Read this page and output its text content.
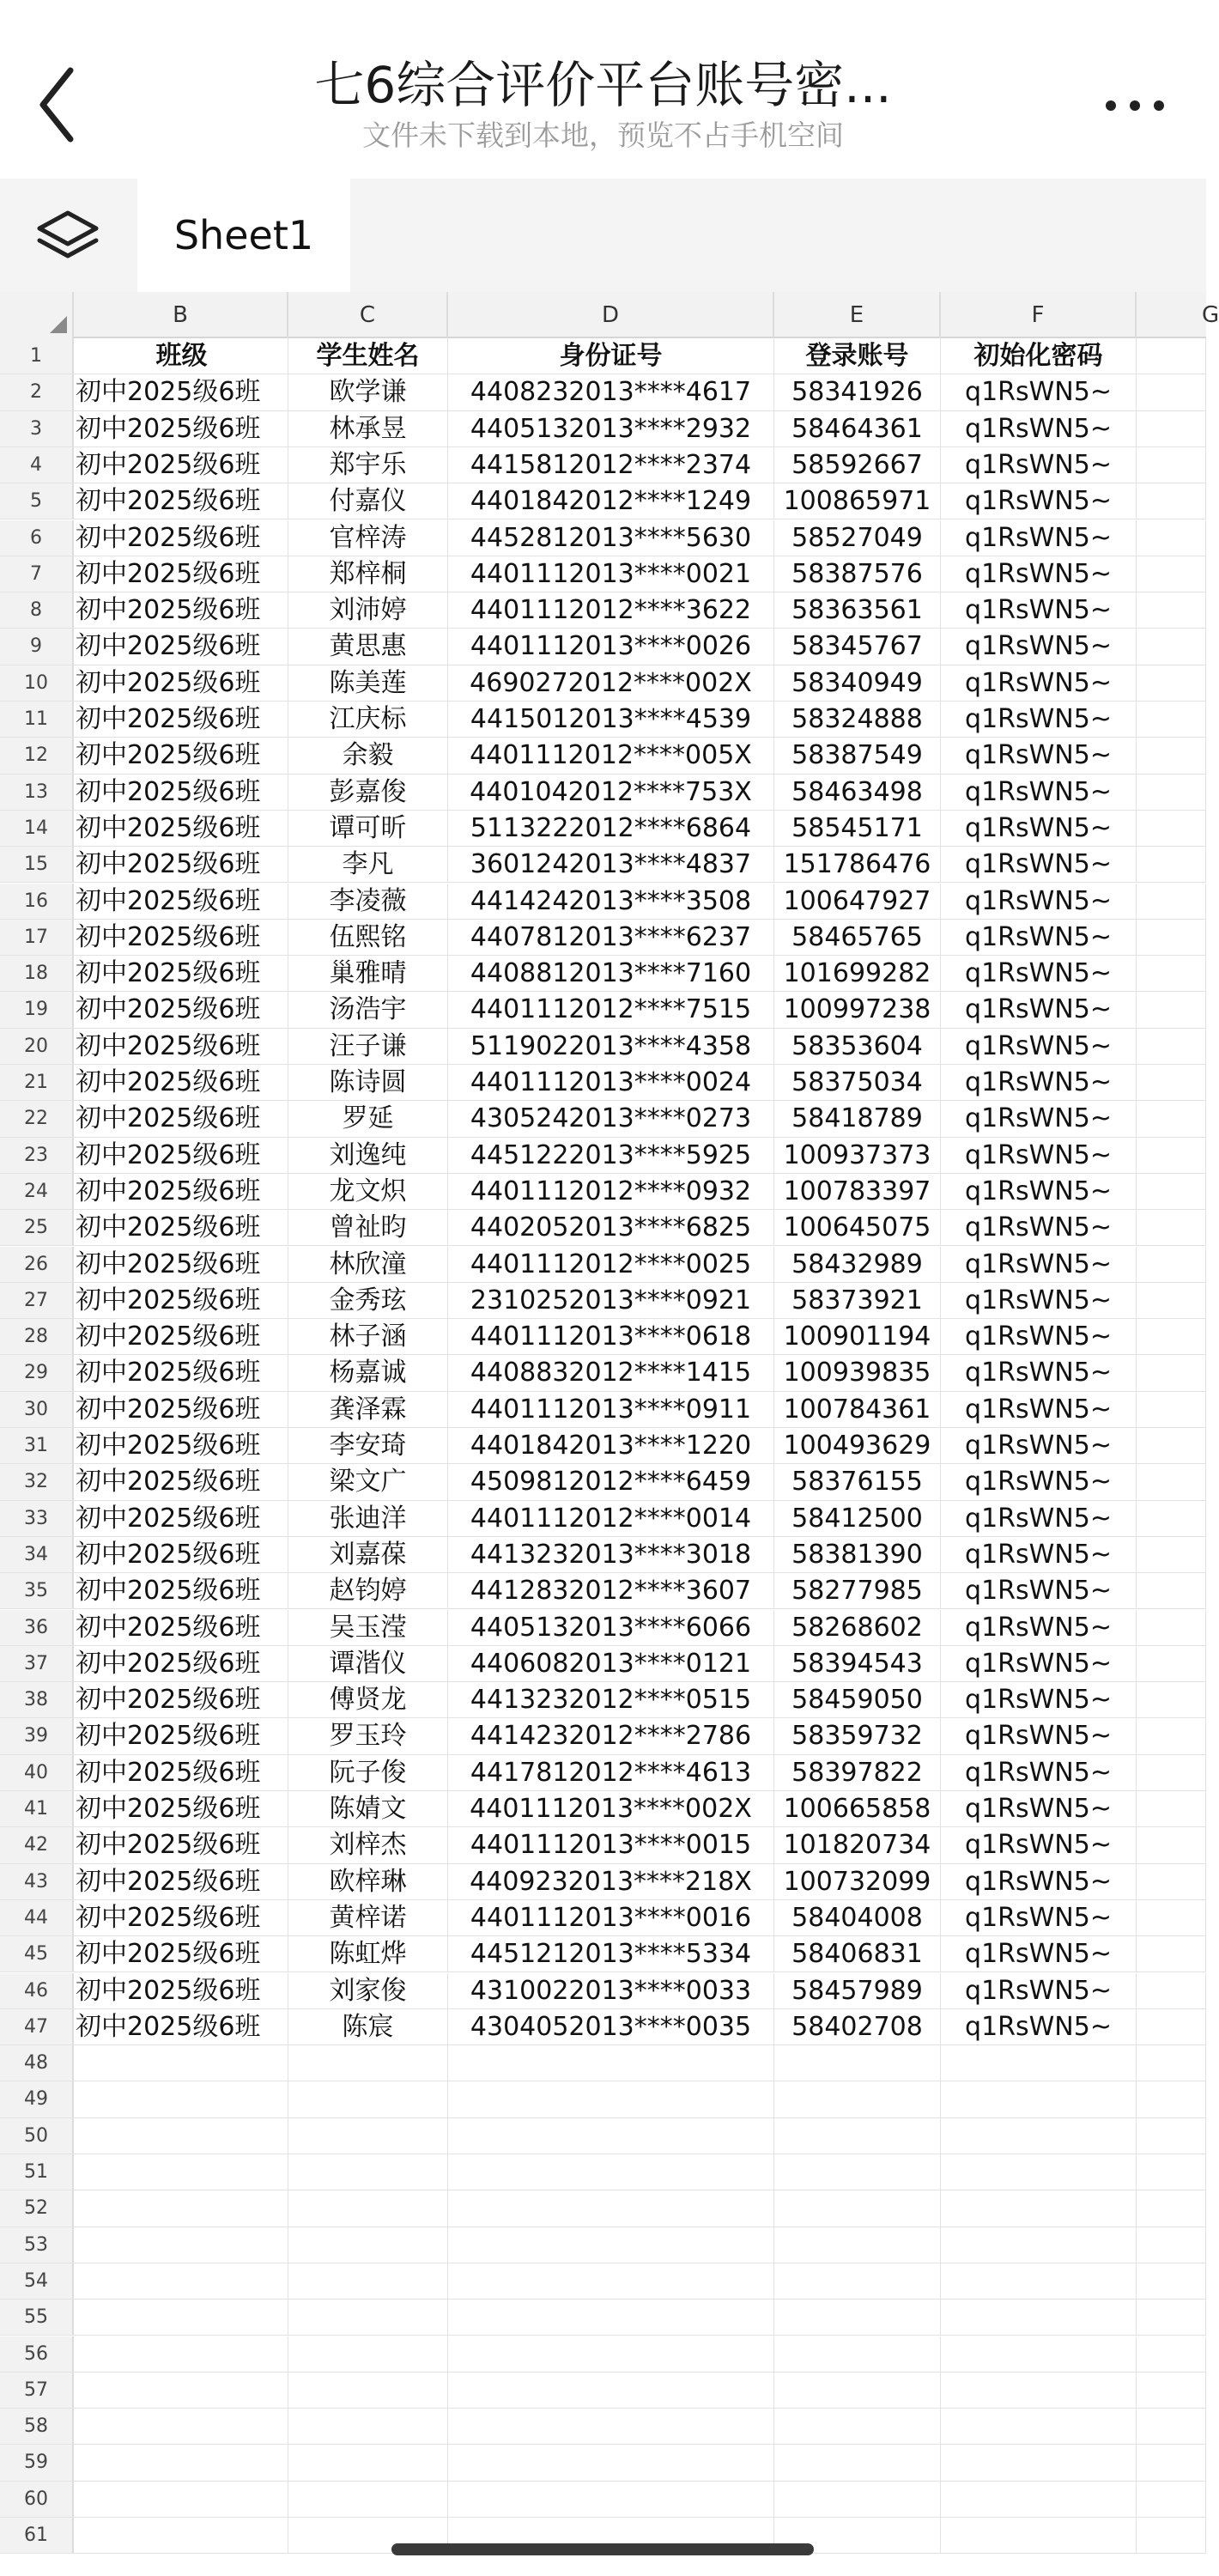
七6综合评价平台账号密...
文件未下载到本地，预览不占手机空间
Sheet1
B	C	D	E	F	G
1	班级	学生姓名	身份证号	登录账号	初始化密码
2	初中2025级6班	欧学谦	4408232013****4617	58341926	q1RsWN5~
3	初中2025级6班	林承昱	4405132013****2932	58464361	q1RsWN5~
4	初中2025级6班	郑宇乐	4415812012****2374	58592667	q1RsWN5~
5	初中2025级6班	付嘉仪	4401842012****1249	100865971	q1RsWN5~
6	初中2025级6班	官梓涛	4452812013****5630	58527049	q1RsWN5~
7	初中2025级6班	郑梓桐	4401112013****0021	58387576	q1RsWN5~
8	初中2025级6班	刘沛婷	4401112012****3622	58363561	q1RsWN5~
9	初中2025级6班	黄思惠	4401112013****0026	58345767	q1RsWN5~
10	初中2025级6班	陈美莲	4690272012****002X	58340949	q1RsWN5~
11	初中2025级6班	江庆标	4415012013****4539	58324888	q1RsWN5~
12	初中2025级6班	余毅	4401112012****005X	58387549	q1RsWN5~
13	初中2025级6班	彭嘉俊	4401042012****753X	58463498	q1RsWN5~
14	初中2025级6班	谭可昕	5113222012****6864	58545171	q1RsWN5~
15	初中2025级6班	李凡	3601242013****4837	151786476	q1RsWN5~
16	初中2025级6班	李凌薇	4414242013****3508	100647927	q1RsWN5~
17	初中2025级6班	伍熙铭	4407812013****6237	58465765	q1RsWN5~
18	初中2025级6班	巢雅晴	4408812013****7160	101699282	q1RsWN5~
19	初中2025级6班	汤浩宇	4401112012****7515	100997238	q1RsWN5~
20	初中2025级6班	汪子谦	5119022013****4358	58353604	q1RsWN5~
21	初中2025级6班	陈诗圆	4401112013****0024	58375034	q1RsWN5~
22	初中2025级6班	罗延	4305242013****0273	58418789	q1RsWN5~
23	初中2025级6班	刘逸纯	4451222013****5925	100937373	q1RsWN5~
24	初中2025级6班	龙文炽	4401112012****0932	100783397	q1RsWN5~
25	初中2025级6班	曾祉昀	4402052013****6825	100645075	q1RsWN5~
26	初中2025级6班	林欣潼	4401112012****0025	58432989	q1RsWN5~
27	初中2025级6班	金秀玹	2310252013****0921	58373921	q1RsWN5~
28	初中2025级6班	林子涵	4401112013****0618	100901194	q1RsWN5~
29	初中2025级6班	杨嘉诚	4408832012****1415	100939835	q1RsWN5~
30	初中2025级6班	龚泽霖	4401112013****0911	100784361	q1RsWN5~
31	初中2025级6班	李安琦	4401842013****1220	100493629	q1RsWN5~
32	初中2025级6班	梁文广	4509812012****6459	58376155	q1RsWN5~
33	初中2025级6班	张迪洋	4401112012****0014	58412500	q1RsWN5~
34	初中2025级6班	刘嘉葆	4413232013****3018	58381390	q1RsWN5~
35	初中2025级6班	赵钧婷	4412832012****3607	58277985	q1RsWN5~
36	初中2025级6班	吴玉滢	4405132013****6066	58268602	q1RsWN5~
37	初中2025级6班	谭湝仪	4406082013****0121	58394543	q1RsWN5~
38	初中2025级6班	傅贤龙	4413232012****0515	58459050	q1RsWN5~
39	初中2025级6班	罗玉玲	4414232012****2786	58359732	q1RsWN5~
40	初中2025级6班	阮子俊	4417812012****4613	58397822	q1RsWN5~
41	初中2025级6班	陈婧文	4401112013****002X	100665858	q1RsWN5~
42	初中2025级6班	刘梓杰	4401112013****0015	101820734	q1RsWN5~
43	初中2025级6班	欧梓琳	4409232013****218X	100732099	q1RsWN5~
44	初中2025级6班	黄梓诺	4401112013****0016	58404008	q1RsWN5~
45	初中2025级6班	陈虹烨	4451212013****5334	58406831	q1RsWN5~
46	初中2025级6班	刘家俊	4310022013****0033	58457989	q1RsWN5~
47	初中2025级6班	陈宸	4304052013****0035	58402708	q1RsWN5~
48
49
50
51
52
53
54
55
56
57
58
59
60
61
